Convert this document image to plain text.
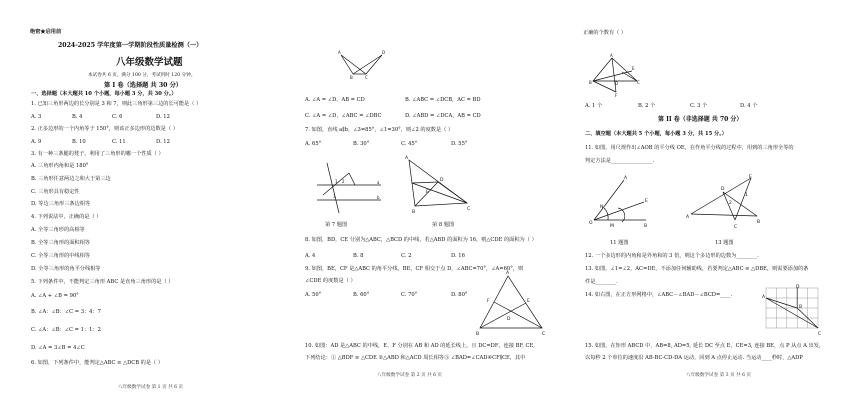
绝密★启用前
2024-2025 学年度第一学期阶段性质量检测（一）
八年级数学试题
本试卷共 6 页，满分 100 分，考试用时 120 分钟。
第 I 卷（选择题 共 30 分）
一、选择题（本大题共 10 个小题，每小题 3 分，共 30 分。）
1. 已知三角形两边的长分别是 3 和 7，则此三角形第三边的长可能是（ ）
A. 3	B. 4	C. 6	D. 12
2. 正多边形的一个内角等于 150°，则该正多边形的边数是（ ）
A. 9	B. 10	C. 11	D. 12
3. 有一种三条腿的凳子，利用了三角形的哪一个性质（ ）
A. 三角形内角和是 180°
B. 三角形任意两边之和大于第三边
C. 三角形具有稳定性
D. 等边三角形三条边相等
4. 下列说法中，正确的是（ ）
A. 全等三角形的高相等
B. 全等三角形的面积相等
C. 全等三角形的中线相等
D. 全等三角形的角平分线相等
5. 下列条件中，不能判定三角形 ABC 是直角三角形的是（ ）
A. ∠A + ∠B = 90°
B. ∠A：∠B：∠C = 3：4：7
C. ∠A：∠B：∠C = 1：1：2
D. ∠A = 3∠B = 4∠C
6. 如图，下列条件中，能判定△ABC ≌ △DCB 的是（ ）
八年级数学试卷 第 1 页 共 6 页
A	D
B	C
A. ∠A = ∠D，AB = CD	B. ∠ABC = ∠DCB，AC = BD
C. ∠A = ∠D，∠ABC = ∠DBC	D. ∠ABD = ∠DCA，AB = CD
7. 如图，直线 a∥b，∠3=85°，∠1=30°，则∠2 的度数是（ ）
A. 65°	B. 30°	C. 45°	D. 55°
a
b
1 2
3
A
B
C
D
E
第 7 题图	第 8 题图
8. 如图，BD，CE 分别为△ABC，△BCD 的中线，若△ABD 的面积为 16，则△CDE 的面积为（ ）
A. 4	B. 8	C. 2	D. 16
9. 如图，BE，CF 是△ABC 的角平分线，BE，CF 相交于点 D，∠ABC=70°，∠A=60°，则
∠CDE 的度数是（ ）
A. 50°	B. 60°	C. 70°	D. 80°
A
B	C
D
E
F
10. 如图：AD 是△ABC 的中线，E、F 分别在 AB 和 AD 的延长线上，且 DC=DF，连接 BF, CE,
下列结论：① △BDF ≌ △CDE ②△ABD 和△ACD 周长相等③ ∠BAD=∠CAD④CF∥CE，其中
八年级数学试卷 第 2 页 共 6 页
正确的个数有（ ）
A
B	C
D
E
F
A. 1 个	B. 2 个	C. 3 个	D. 4 个
第 II 卷（非选择题 共 70 分）
二、填空题（本大题共 5 个小题，每小题 3 分，共 15 分。）
11. 如图，用尺规作出∠AOB 的平分线 OE，在作角平分线的过程中，用到的三角形全等的
判定方法是________________.
A
O
B
E
N
M
A
E
D
C
B
1
2
11 题图	13 题图
12. 一个多边形的内角和是外角和的 3 倍，则这个多边形的边数为________.
13. 如图，∠1=∠2，AC=DE，不添加任何辅助线，若要判定△ABC ≌ △DBE，则需要添加的条
件是________.
14. 如右图，在正方形网格中，∠ABC－∠BAD－∠BCD=____.	A
D
B
C
15. 如图，在矩形 ABCD 中，AB=8, AD=5, 延长 DC 至点 E，CE=3, 连接 BE，点 P 从点 A 出发，
以每秒 2 个单位的速度沿 AB-BC-CD-DA 运动，回到 A 点停止运动. 当运动____秒时，△ADP
八年级数学试卷 第 3 页 共 6 页
